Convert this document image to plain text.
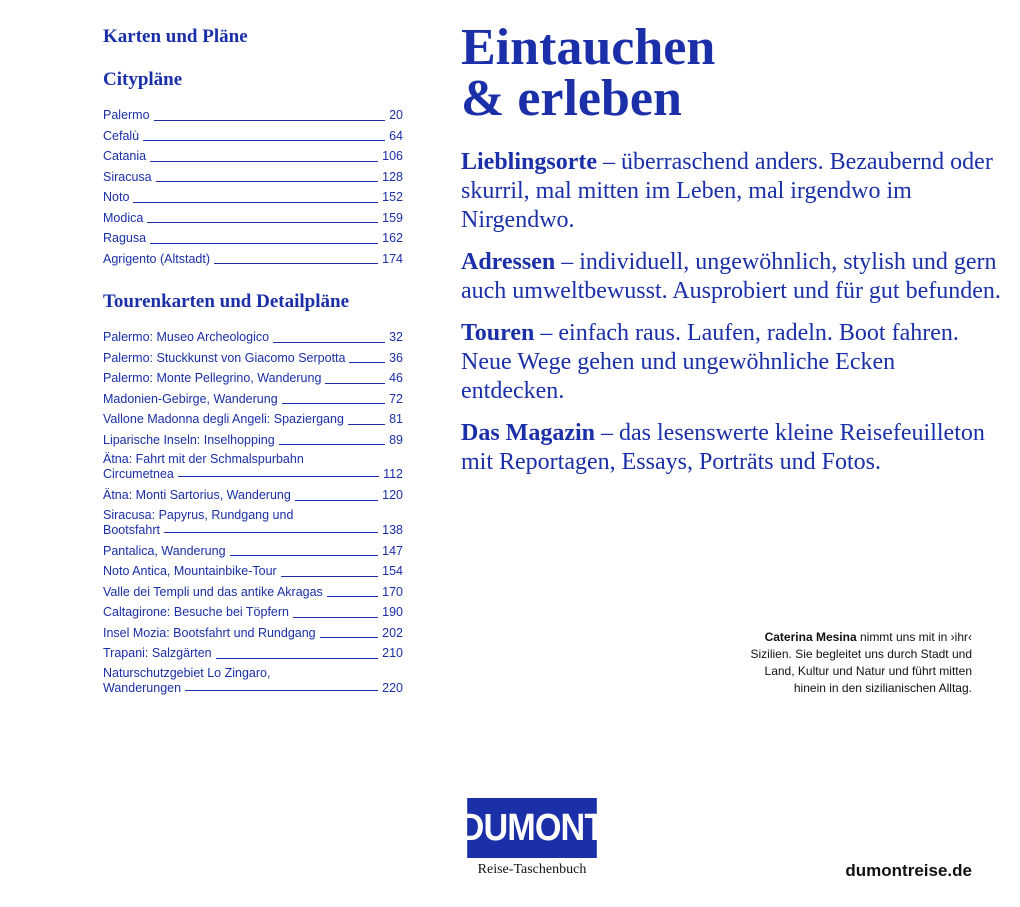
Karten und Pläne
Citypläne
Palermo	20
Cefalù	64
Catania	106
Siracusa	128
Noto	152
Modica	159
Ragusa	162
Agrigento (Altstadt)	174
Tourenkarten und Detailpläne
Palermo: Museo Archeologico	32
Palermo: Stuckkunst von Giacomo Serpotta	36
Palermo: Monte Pellegrino, Wanderung	46
Madonien-Gebirge, Wanderung	72
Vallone Madonna degli Angeli: Spaziergang	81
Liparische Inseln: Inselhopping	89
Ätna: Fahrt mit der Schmalspurbahn
Circumetnea	112
Ätna: Monti Sartorius, Wanderung	120
Siracusa: Papyrus, Rundgang und
Bootsfahrt	138
Pantalica, Wanderung	147
Noto Antica, Mountainbike-Tour	154
Valle dei Templi und das antike Akragas	170
Caltagirone: Besuche bei Töpfern	190
Insel Mozia: Bootsfahrt und Rundgang	202
Trapani: Salzgärten	210
Naturschutzgebiet Lo Zingaro,
Wanderungen	220
Eintauchen
& erleben

Lieblingsorte – überraschend anders. Bezaubernd oder skurril, mal mitten im Leben, mal irgendwo im Nirgendwo.

Adressen – individuell, ungewöhnlich, stylish und gern auch umweltbewusst. Ausprobiert und für gut befunden.

Touren – einfach raus. Laufen, radeln. Boot fahren. Neue Wege gehen und ungewöhnliche Ecken entdecken.

Das Magazin – das lesenswerte kleine Reisefeuilleton mit Reportagen, Essays, Porträts und Fotos.

Caterina Mesina nimmt uns mit in ›ihr‹ Sizilien. Sie begleitet uns durch Stadt und Land, Kultur und Natur und führt mitten hinein in den sizilianischen Alltag.
DUMONT
Reise-Taschenbuch	dumontreise.de
